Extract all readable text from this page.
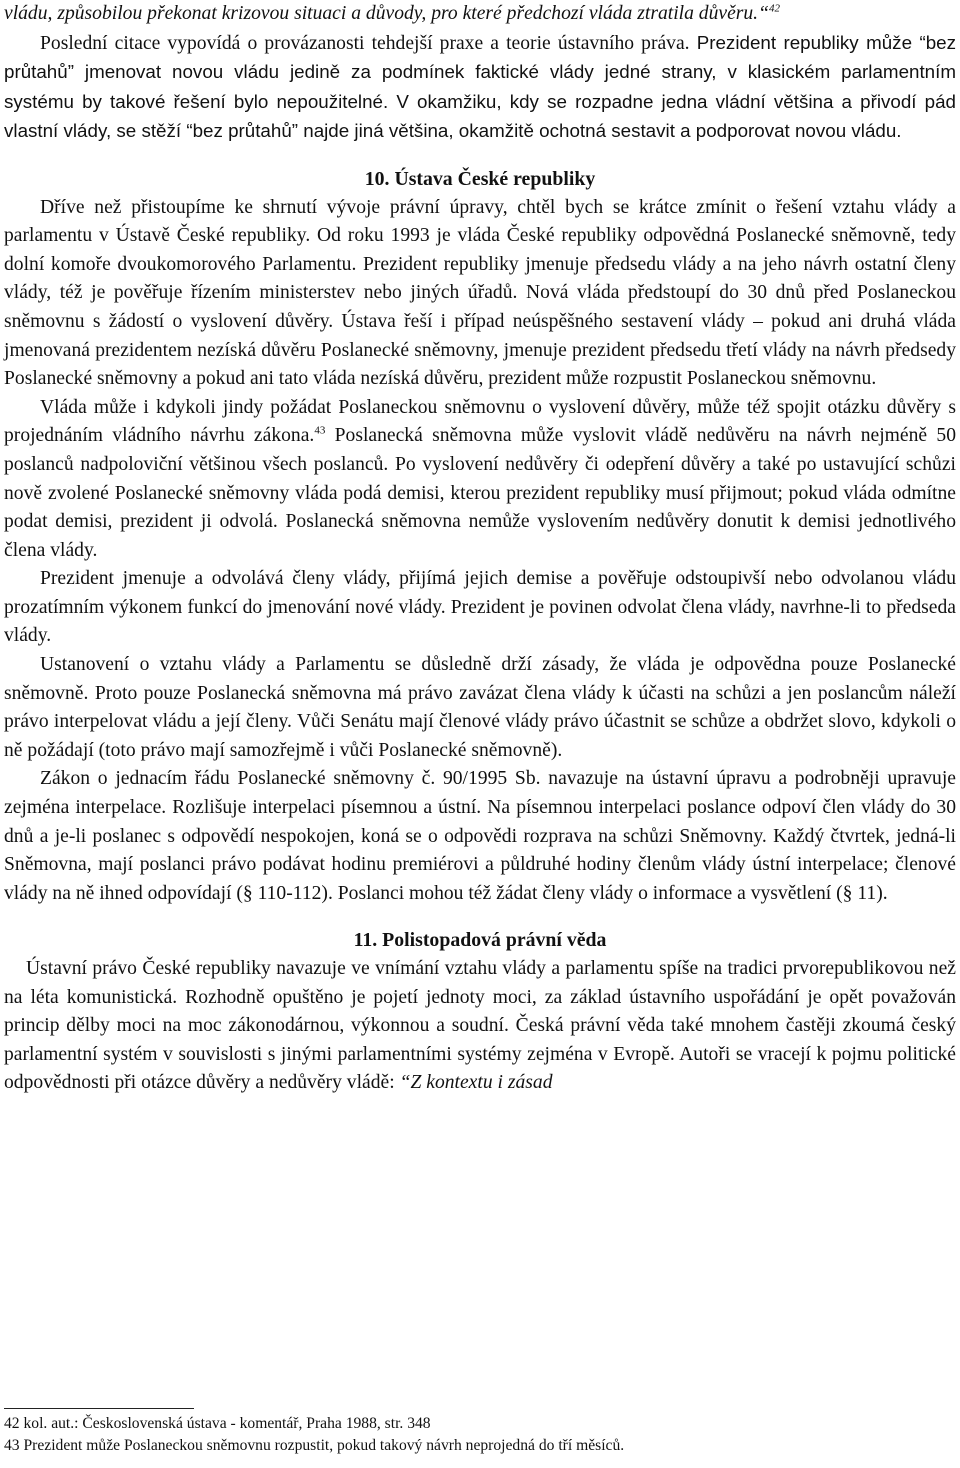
vládu, způsobilou překonat krizovou situaci a důvody, pro které předchozí vláda ztratila důvěru.“$^{42}$

Poslední citace vypovídá o provázanosti tehdejší praxe a teorie ústavního práva. Prezident republiky může “bez průtahů” jmenovat novou vládu jedině za podmínek faktické vlády jedné strany, v klasickém parlamentním systému by takové řešení bylo nepoužitelné. V okamžiku, kdy se rozpadne jedna vládní většina a přivodí pád vlastní vlády, se stěží “bez průtahů” najde jiná většina, okamžitě ochotná sestavit a podporovat novou vládu.

10. Ústava České republiky

Dříve než přistoupíme ke shrnutí vývoje právní úpravy, chtěl bych se krátce zmínit o řešení vztahu vlády a parlamentu v Ústavě České republiky. Od roku 1993 je vláda České republiky odpovědná Poslanecké sněmovně, tedy dolní komoře dvoukomorového Parlamentu. Prezident republiky jmenuje předsedu vlády a na jeho návrh ostatní členy vlády, též je pověřuje řízením ministerstev nebo jiných úřadů. Nová vláda předstoupí do 30 dnů před Poslaneckou sněmovnu s žádostí o vyslovení důvěry. Ústava řeší i případ neúspěšného sestavení vlády – pokud ani druhá vláda jmenovaná prezidentem nezíská důvěru Poslanecké sněmovny, jmenuje prezident předsedu třetí vlády na návrh předsedy Poslanecké sněmovny a pokud ani tato vláda nezíská důvěru, prezident může rozpustit Poslaneckou sněmovnu.

Vláda může i kdykoli jindy požádat Poslaneckou sněmovnu o vyslovení důvěry, může též spojit otázku důvěry s projednáním vládního návrhu zákona.$^{43}$ Poslanecká sněmovna může vyslovit vládě nedůvěru na návrh nejméně 50 poslanců nadpoloviční většinou všech poslanců. Po vyslovení nedůvěry či odepření důvěry a také po ustavující schůzi nově zvolené Poslanecké sněmovny vláda podá demisi, kterou prezident republiky musí přijmout; pokud vláda odmítne podat demisi, prezident ji odvolá. Poslanecká sněmovna nemůže vyslovením nedůvěry donutit k demisi jednotlivého člena vlády.

Prezident jmenuje a odvolává členy vlády, přijímá jejich demise a pověřuje odstoupivší nebo odvolanou vládu prozatímním výkonem funkcí do jmenování nové vlády. Prezident je povinen odvolat člena vlády, navrhne-li to předseda vlády.

Ustanovení o vztahu vlády a Parlamentu se důsledně drží zásady, že vláda je odpovědna pouze Poslanecké sněmovně. Proto pouze Poslanecká sněmovna má právo zavázat člena vlády k účasti na schůzi a jen poslancům náleží právo interpelovat vládu a její členy. Vůči Senátu mají členové vlády právo účastnit se schůze a obdržet slovo, kdykoli o ně požádají (toto právo mají samozřejmě i vůči Poslanecké sněmovně).

Zákon o jednacím řádu Poslanecké sněmovny č. 90/1995 Sb. navazuje na ústavní úpravu a podrobněji upravuje zejména interpelace. Rozlišuje interpelaci písemnou a ústní. Na písemnou interpelaci poslance odpoví člen vlády do 30 dnů a je-li poslanec s odpovědí nespokojen, koná se o odpovědi rozprava na schůzi Sněmovny. Každý čtvrtek, jedná-li Sněmovna, mají poslanci právo podávat hodinu premiérovi a půldruhé hodiny členům vlády ústní interpelace; členové vlády na ně ihned odpovídají (§ 110-112). Poslanci mohou též žádat členy vlády o informace a vysvětlení (§ 11).

11. Polistopadová právní věda

Ústavní právo České republiky navazuje ve vnímání vztahu vlády a parlamentu spíše na tradici prvorepublikovou než na léta komunistická. Rozhodně opuštěno je pojetí jednoty moci, za základ ústavního uspořádání je opět považován princip dělby moci na moc zákonodárnou, výkonnou a soudní. Česká právní věda také mnohem častěji zkoumá český parlamentní systém v souvislosti s jinými parlamentními systémy zejména v Evropě. Autoři se vracejí k pojmu politické odpovědnosti při otázce důvěry a nedůvěry vládě: “Z kontextu i zásad

42 kol. aut.: Československá ústava - komentář, Praha 1988, str. 348

43 Prezident může Poslaneckou sněmovnu rozpustit, pokud takový návrh neprojedná do tří měsíců.
